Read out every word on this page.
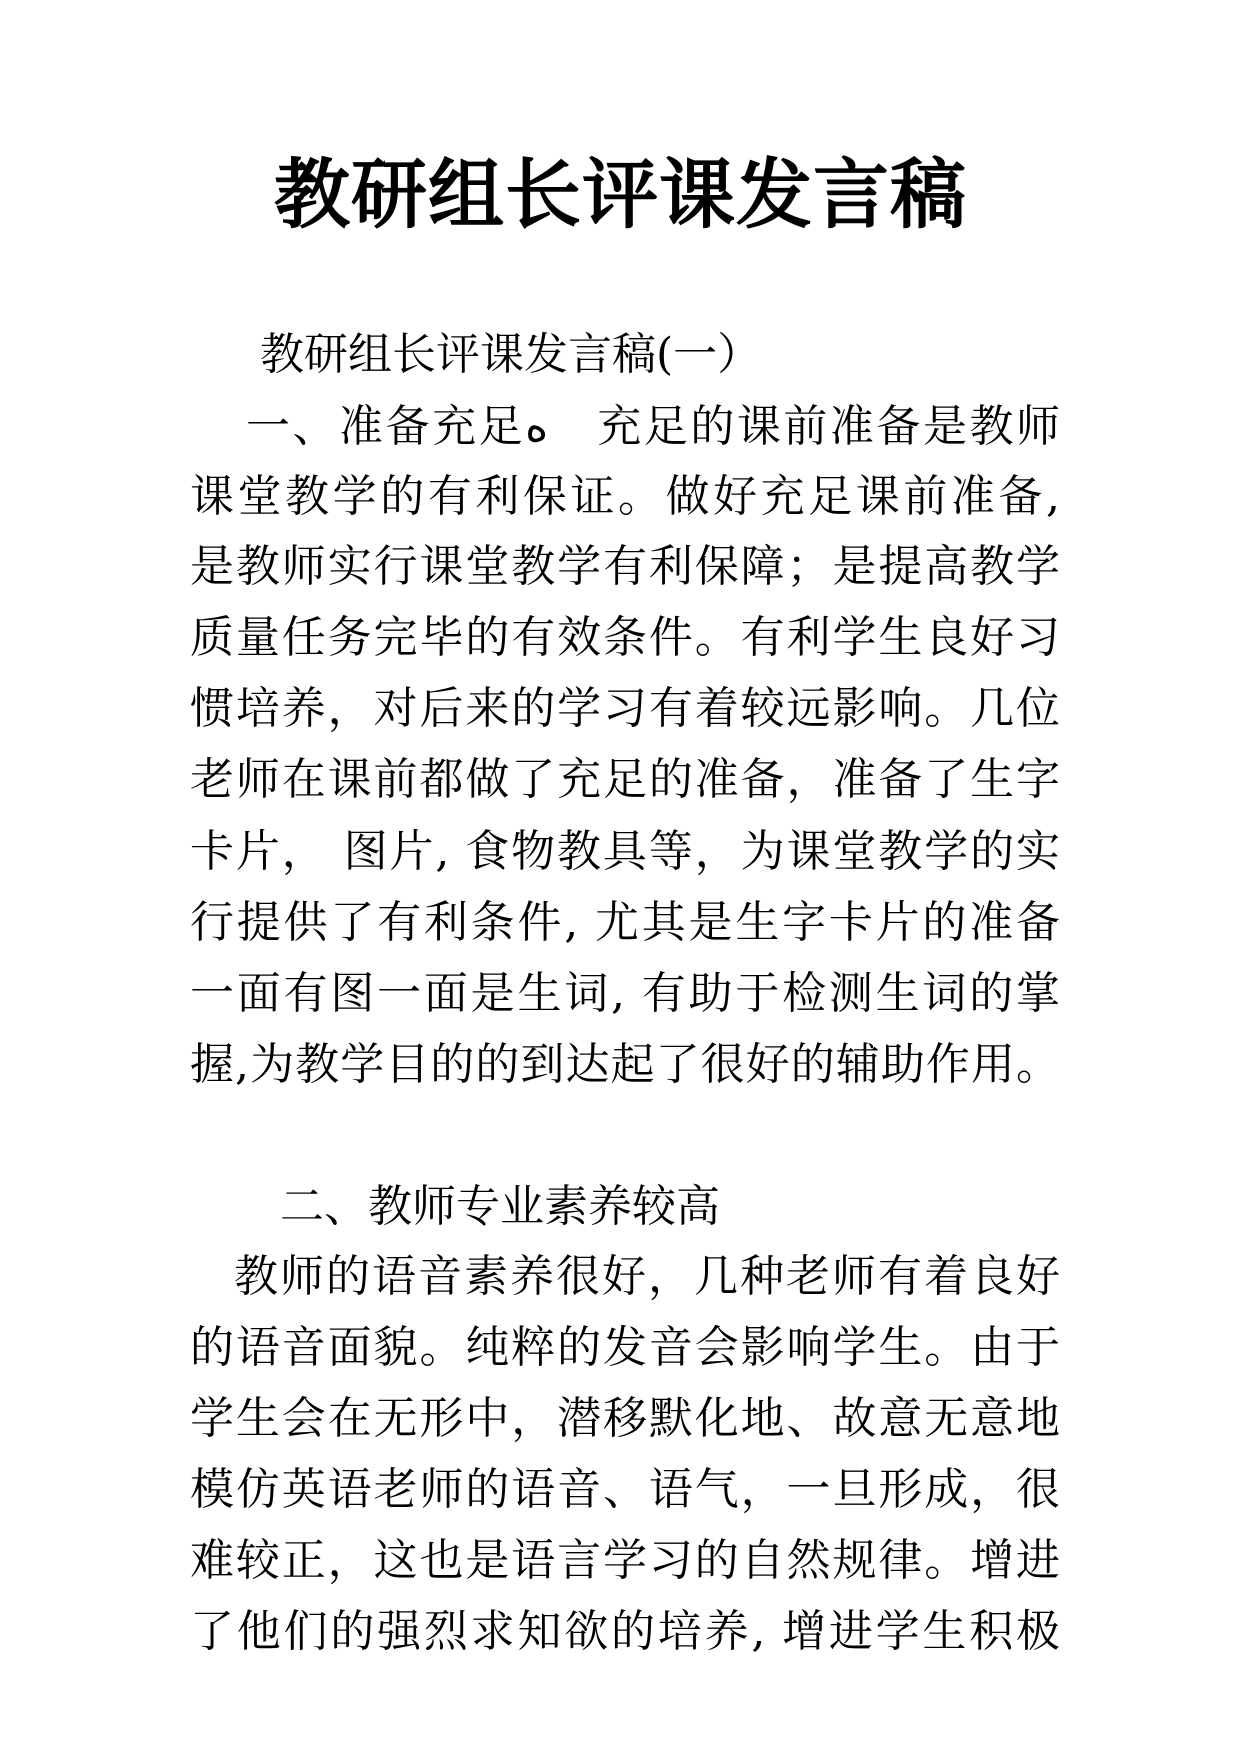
教研组长评课发言稿
教研组长评课发言稿(一）
一、准备充足ﻩ　充足的课前准备是教师
课堂教学的有利保证。做好充足课前准备,
是教师实行课堂教学有利保障；是提高教学
质量任务完毕的有效条件。有利学生良好习
惯培养，对后来的学习有着较远影响。几位
老师在课前都做了充足的准备，准备了生字
卡片， 图片, 食物教具等，为课堂教学的实
行提供了有利条件, 尤其是生字卡片的准备
一面有图一面是生词, 有助于检测生词的掌
握,为教学目的的到达起了很好的辅助作用。
二、教师专业素养较高
教师的语音素养很好，几种老师有着良好
的语音面貌。纯粹的发音会影响学生。由于
学生会在无形中，潜移默化地、故意无意地
模仿英语老师的语音、语气，一旦形成，很
难较正，这也是语言学习的自然规律。增进
了他们的强烈求知欲的培养, 增进学生积极
